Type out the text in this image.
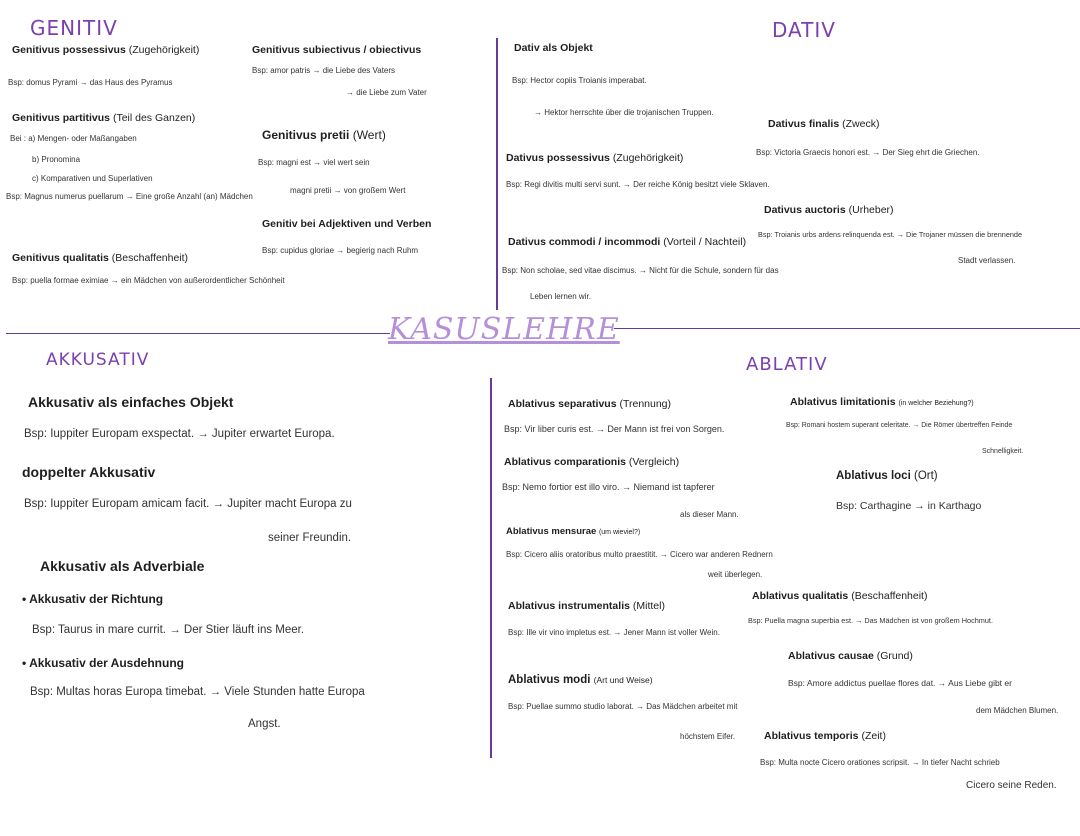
KASUSLEHRE
GENITIV
Genitivus possessivus (Zugehörigkeit)
Bsp: domus Pyrami → das Haus des Pyramus
Genitivus subiectivus / obiectivus
Bsp: amor patris → die Liebe des Vaters
→ die Liebe zum Vater
Genitivus partitivus (Teil des Ganzen)
Bei : a) Mengen- oder Maßangaben
b) Pronomina
c) Komparativen und Superlativen
Bsp: Magnus numerus puellarum → Eine große Anzahl (an) Mädchen
Genitivus pretii (Wert)
Bsp: magni est → viel wert sein
magni pretii → von großem Wert
Genitiv bei Adjektiven und Verben
Bsp: cupidus gloriae → begierig nach Ruhm
Genitivus qualitatis (Beschaffenheit)
Bsp: puella formae eximiae → ein Mädchen von außerordentlicher Schönheit
DATIV
Dativ als Objekt
Bsp: Hector copiis Troianis imperabat.
→ Hektor herrschte über die trojanischen Truppen.
Dativus finalis (Zweck)
Bsp: Victoria Graecis honori est. → Der Sieg ehrt die Griechen.
Dativus possessivus (Zugehörigkeit)
Bsp: Regi divitis multi servi sunt. → Der reiche König besitzt viele Sklaven.
Dativus auctoris (Urheber)
Bsp: Troianis urbs ardens relinquenda est. → Die Trojaner müssen die brennende
Stadt verlassen.
Dativus commodi / incommodi (Vorteil / Nachteil)
Bsp: Non scholae, sed vitae discimus. → Nicht für die Schule, sondern für das
Leben lernen wir.
AKKUSATIV
Akkusativ als einfaches Objekt
Bsp: Iuppiter Europam exspectat. → Jupiter erwartet Europa.
doppelter Akkusativ
Bsp: Iuppiter Europam amicam facit. → Jupiter macht Europa zu
seiner Freundin.
Akkusativ als Adverbiale
• Akkusativ der Richtung
Bsp: Taurus in mare currit. → Der Stier läuft ins Meer.
• Akkusativ der Ausdehnung
Bsp: Multas horas Europa timebat. → Viele Stunden hatte Europa
Angst.
ABLATIV
Ablativus separativus (Trennung)
Bsp: Vir liber curis est. → Der Mann ist frei von Sorgen.
Ablativus limitationis (in welcher Beziehung?)
Bsp: Romani hostem superant celeritate. → Die Römer übertreffen Feinde
Schnelligkeit.
Ablativus comparationis (Vergleich)
Bsp: Nemo fortior est illo viro. → Niemand ist tapferer
als dieser Mann.
Ablativus loci (Ort)
Bsp: Carthagine → in Karthago
Ablativus mensurae (um wieviel?)
Bsp: Cicero aliis oratoribus multo praestitit. → Cicero war anderen Rednern
weit überlegen.
Ablativus qualitatis (Beschaffenheit)
Bsp: Puella magna superbia est. → Das Mädchen ist von großem Hochmut.
Ablativus instrumentalis (Mittel)
Bsp: Ille vir vino impletus est. → Jener Mann ist voller Wein.
Ablativus causae (Grund)
Bsp: Amore addictus puellae flores dat. → Aus Liebe gibt er
dem Mädchen Blumen.
Ablativus modi (Art und Weise)
Bsp: Puellae summo studio laborat. → Das Mädchen arbeitet mit
höchstem Eifer.	Ablativus temporis (Zeit)
Bsp: Multa nocte Cicero orationes scripsit. → In tiefer Nacht schrieb
Cicero seine Reden.
